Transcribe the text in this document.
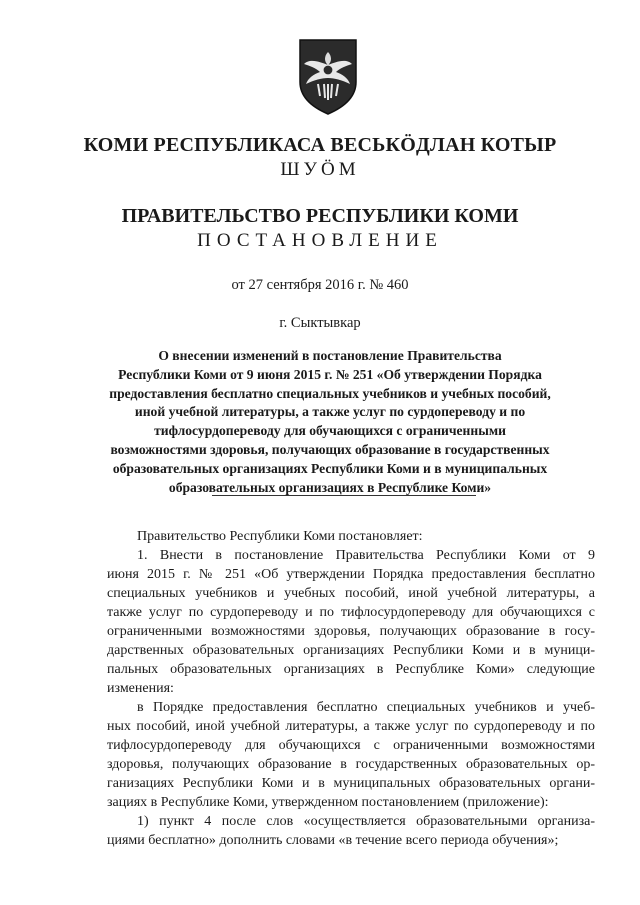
КОМИ РЕСПУБЛИКАСА ВЕСЬКӦДЛАН КОТЫР
ШУӦМ
ПРАВИТЕЛЬСТВО РЕСПУБЛИКИ КОМИ
ПОСТАНОВЛЕНИЕ
от 27 сентября 2016 г. № 460
г. Сыктывкар
О внесении изменений в постановление Правительства
Республики Коми от 9 июня 2015 г. № 251 «Об утверждении Порядка
предоставления бесплатно специальных учебников и учебных пособий,
иной учебной литературы, а также услуг по сурдопереводу и по
тифлосурдопереводу для обучающихся с ограниченными
возможностями здоровья, получающих образование в государственных
образовательных организациях Республики Коми и в муниципальных
образовательных организациях в Республике Коми»
Правительство Республики Коми постановляет:
1. Внести в постановление Правительства Республики Коми от 9
июня 2015 г. № 251 «Об утверждении Порядка предоставления бесплатно
специальных учебников и учебных пособий, иной учебной литературы, а
также услуг по сурдопереводу и по тифлосурдопереводу для обучающихся с
ограниченными возможностями здоровья, получающих образование в госу-
дарственных образовательных организациях Республики Коми и в муници-
пальных образовательных организациях в Республике Коми» следующие
изменения:
в Порядке предоставления бесплатно специальных учебников и учеб-
ных пособий, иной учебной литературы, а также услуг по сурдопереводу и по
тифлосурдопереводу для обучающихся с ограниченными возможностями
здоровья, получающих образование в государственных образовательных ор-
ганизациях Республики Коми и в муниципальных образовательных органи-
зациях в Республике Коми, утвержденном постановлением (приложение):
1) пункт 4 после слов «осуществляется образовательными организа-
циями бесплатно» дополнить словами «в течение всего периода обучения»;
